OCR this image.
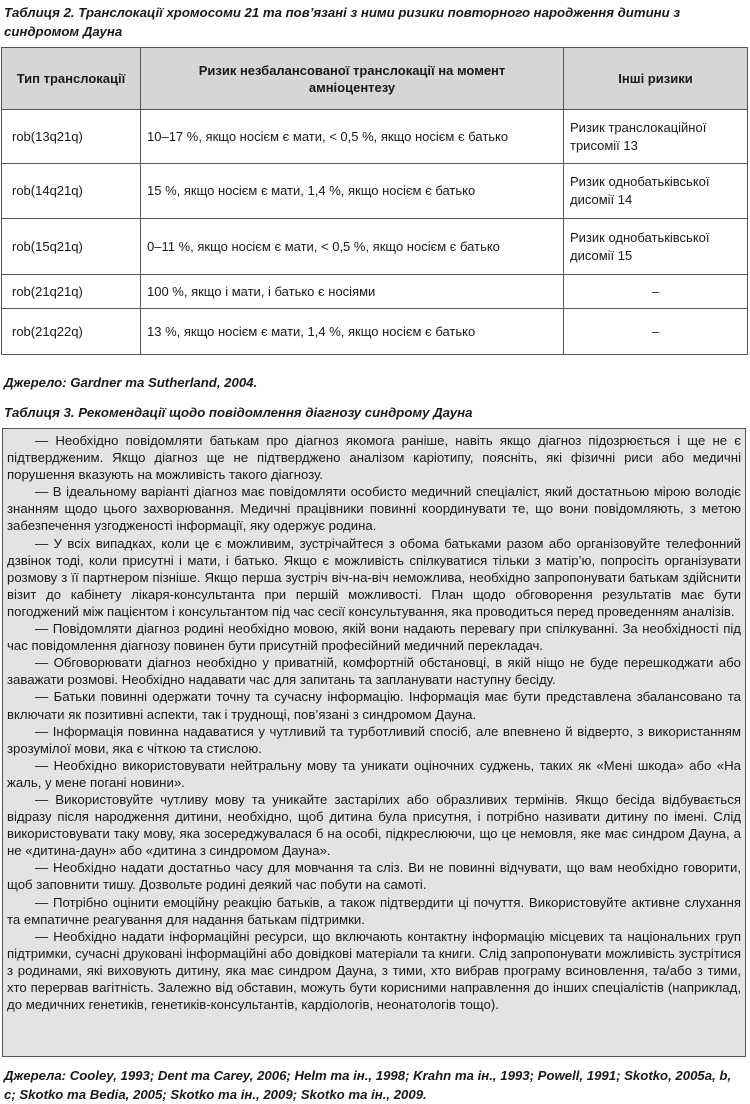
Таблиця 2. Транслокації хромосоми 21 та пов’язані з ними ризики повторного народження дитини з синдромом Дауна
Тип транслокації	Ризик незбалансованої транслокації на момент амніоцентезу	Інші ризики
rob(13q21q)	10–17 %, якщо носієм є мати, < 0,5 %, якщо носієм є батько	Ризик транслокаційної трисомії 13
rob(14q21q)	15 %, якщо носієм є мати, 1,4 %, якщо носієм є батько	Ризик однобатьківської дисомії 14
rob(15q21q)	0–11 %, якщо носієм є мати, < 0,5 %, якщо носієм є батько	Ризик однобатьківської дисомії 15
rob(21q21q)	100 %, якщо і мати, і батько є носіями	–
rob(21q22q)	13 %, якщо носієм є мати, 1,4 %, якщо носієм є батько	–
Джерело: Gardner та Sutherland, 2004.
Таблиця 3. Рекомендації щодо повідомлення діагнозу синдрому Дауна

— Необхідно повідомляти батькам про діагноз якомога раніше, навіть якщо діагноз підозрюється і ще не є підтвердженим. Якщо діагноз ще не підтверджено аналізом каріотипу, поясніть, які фізичні риси або медичні порушення вказують на можливість такого діагнозу.

— В ідеальному варіанті діагноз має повідомляти особисто медичний спеціаліст, який достатньою мірою володіє знанням щодо цього захворювання. Медичні працівники повинні координувати те, що вони повідомляють, з метою забезпечення узгодженості інформації, яку одержує родина.

— У всіх випадках, коли це є можливим, зустрічайтеся з обома батьками разом або організовуйте телефонний дзвінок тоді, коли присутні і мати, і батько. Якщо є можливість спілкуватися тільки з матір’ю, попросіть організувати розмову з її партнером пізніше. Якщо перша зустріч віч-на-віч неможлива, необхідно запропонувати батькам здійснити візит до кабінету лікаря-консультанта при першій можливості. План щодо обговорення результатів має бути погоджений між пацієнтом і консультантом під час сесії консультування, яка проводиться перед проведенням аналізів.

— Повідомляти діагноз родині необхідно мовою, якій вони надають перевагу при спілкуванні. За необхідності під час повідомлення діагнозу повинен бути присутній професійний медичний перекладач.

— Обговорювати діагноз необхідно у приватній, комфортній обстановці, в якій ніщо не буде перешкоджати або заважати розмові. Необхідно надавати час для запитань та запланувати наступну бесіду.

— Батьки повинні одержати точну та сучасну інформацію. Інформація має бути представлена збалансовано та включати як позитивні аспекти, так і труднощі, пов’язані з синдромом Дауна.

— Інформація повинна надаватися у чутливий та турботливий спосіб, але впевнено й відверто, з використанням зрозумілої мови, яка є чіткою та стислою.

— Необхідно використовувати нейтральну мову та уникати оціночних суджень, таких як «Мені шкода» або «На жаль, у мене погані новини».

— Використовуйте чутливу мову та уникайте застарілих або образливих термінів. Якщо бесіда відбувається відразу після народження дитини, необхідно, щоб дитина була присутня, і потрібно називати дитину по імені. Слід використовувати таку мову, яка зосереджувалася б на особі, підкреслюючи, що це немовля, яке має синдром Дауна, а не «дитина-даун» або «дитина з синдромом Дауна».

— Необхідно надати достатньо часу для мовчання та сліз. Ви не повинні відчувати, що вам необхідно говорити, щоб заповнити тишу. Дозвольте родині деякий час побути на самоті.

— Потрібно оцінити емоційну реакцію батьків, а також підтвердити ці почуття. Використовуйте активне слухання та емпатичне реагування для надання батькам підтримки.

— Необхідно надати інформаційні ресурси, що включають контактну інформацію місцевих та національних груп підтримки, сучасні друковані інформаційні або довідкові матеріали та книги. Слід запропонувати можливість зустрітися з родинами, які виховують дитину, яка має синдром Дауна, з тими, хто вибрав програму всиновлення, та/або з тими, хто перервав вагітність. Залежно від обставин, можуть бути корисними направлення до інших спеціалістів (наприклад, до медичних генетиків, генетиків-консультантів, кардіологів, неонатологів тощо).

Джерела: Cooley, 1993; Dent та Carey, 2006; Helm та ін., 1998; Krahn та ін., 1993; Powell, 1991; Skotko, 2005a, b, c; Skotko та Bedia, 2005; Skotko та ін., 2009; Skotko та ін., 2009.
